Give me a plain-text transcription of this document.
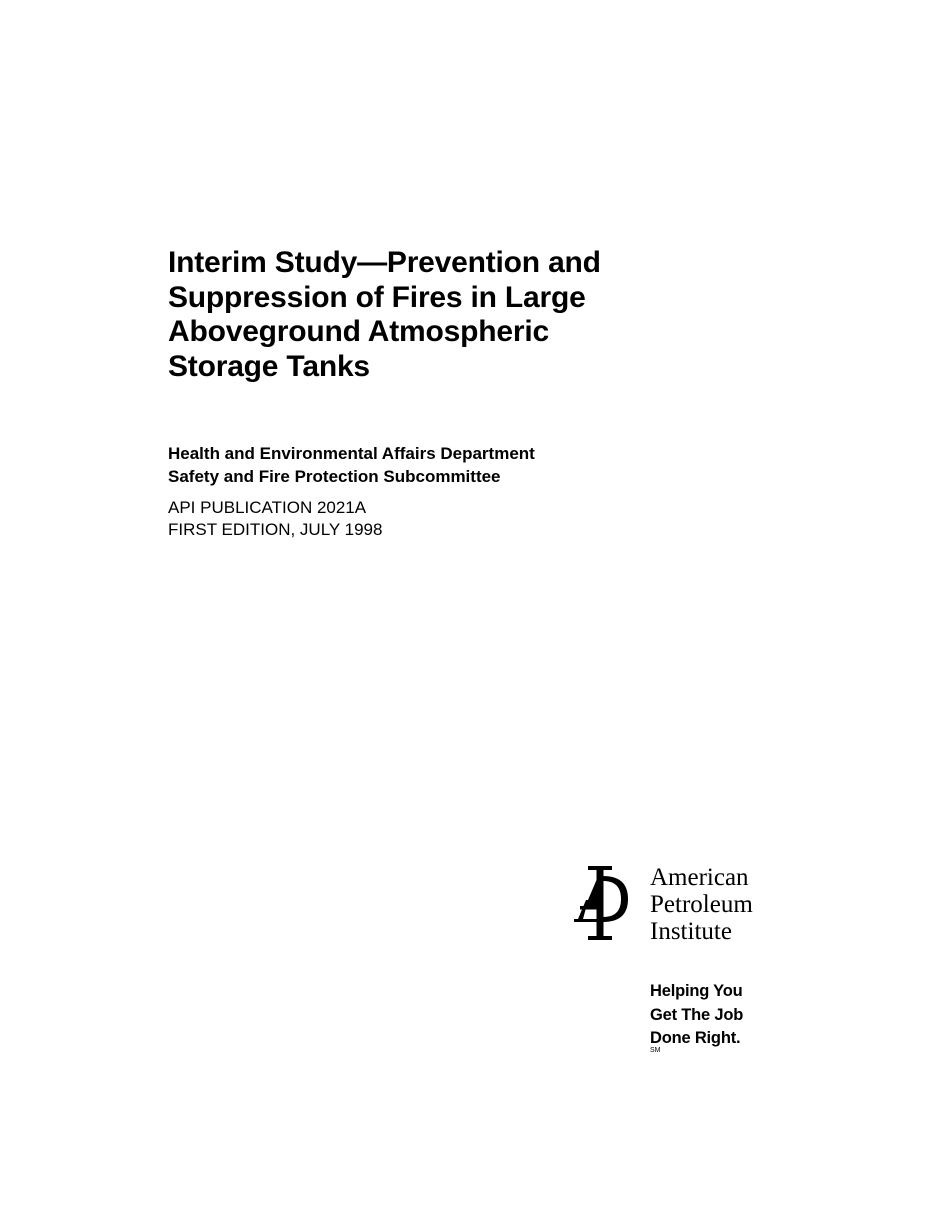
Interim Study—Prevention and
Suppression of Fires in Large
Aboveground Atmospheric
Storage Tanks
Health and Environmental Affairs Department
Safety and Fire Protection Subcommittee
API PUBLICATION 2021A
FIRST EDITION, JULY 1998
American
Petroleum
Institute
Helping You
Get The Job
Done Right.
SM
